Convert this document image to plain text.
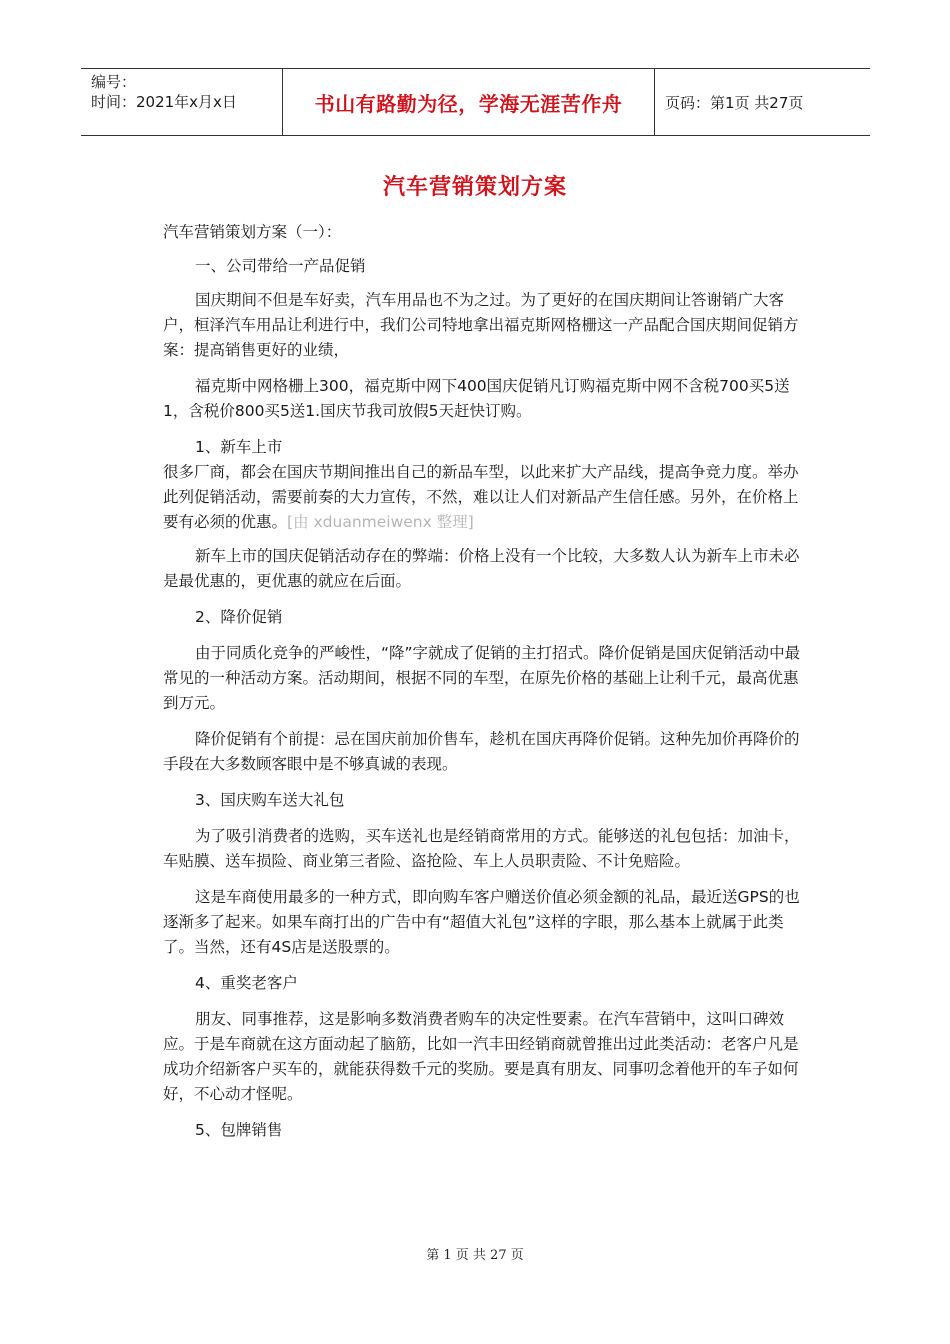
编号：
时间：2021年x月x日	书山有路勤为径，学海无涯苦作舟	页码：第1页 共27页
汽车营销策划方案

汽车营销策划方案（一）：

一、公司带给一产品促销

国庆期间不但是车好卖，汽车用品也不为之过。为了更好的在国庆期间让答谢销广大客户，桓泽汽车用品让利进行中，我们公司特地拿出福克斯网格栅这一产品配合国庆期间促销方案：提高销售更好的业绩，

福克斯中网格栅上300，福克斯中网下400国庆促销凡订购福克斯中网不含税700买5送1，含税价800买5送1.国庆节我司放假5天赶快订购。

1、新车上市

很多厂商，都会在国庆节期间推出自己的新品车型，以此来扩大产品线，提高争竞力度。举办此列促销活动，需要前奏的大力宣传，不然，难以让人们对新品产生信任感。另外，在价格上要有必须的优惠。[由 xduanmeiwenx 整理]

新车上市的国庆促销活动存在的弊端：价格上没有一个比较，大多数人认为新车上市未必是最优惠的，更优惠的就应在后面。

2、降价促销

由于同质化竞争的严峻性，“降”字就成了促销的主打招式。降价促销是国庆促销活动中最常见的一种活动方案。活动期间，根据不同的车型，在原先价格的基础上让利千元，最高优惠到万元。

降价促销有个前提：忌在国庆前加价售车，趁机在国庆再降价促销。这种先加价再降价的手段在大多数顾客眼中是不够真诚的表现。

3、国庆购车送大礼包

为了吸引消费者的选购，买车送礼也是经销商常用的方式。能够送的礼包包括：加油卡，车贴膜、送车损险、商业第三者险、盗抢险、车上人员职责险、不计免赔险。

这是车商使用最多的一种方式，即向购车客户赠送价值必须金额的礼品，最近送GPS的也逐渐多了起来。如果车商打出的广告中有“超值大礼包”这样的字眼，那么基本上就属于此类了。当然，还有4S店是送股票的。

4、重奖老客户

朋友、同事推荐，这是影响多数消费者购车的决定性要素。在汽车营销中，这叫口碑效应。于是车商就在这方面动起了脑筋，比如一汽丰田经销商就曾推出过此类活动：老客户凡是成功介绍新客户买车的，就能获得数千元的奖励。要是真有朋友、同事叨念着他开的车子如何好，不心动才怪呢。

5、包牌销售

第 1 页 共 27 页
